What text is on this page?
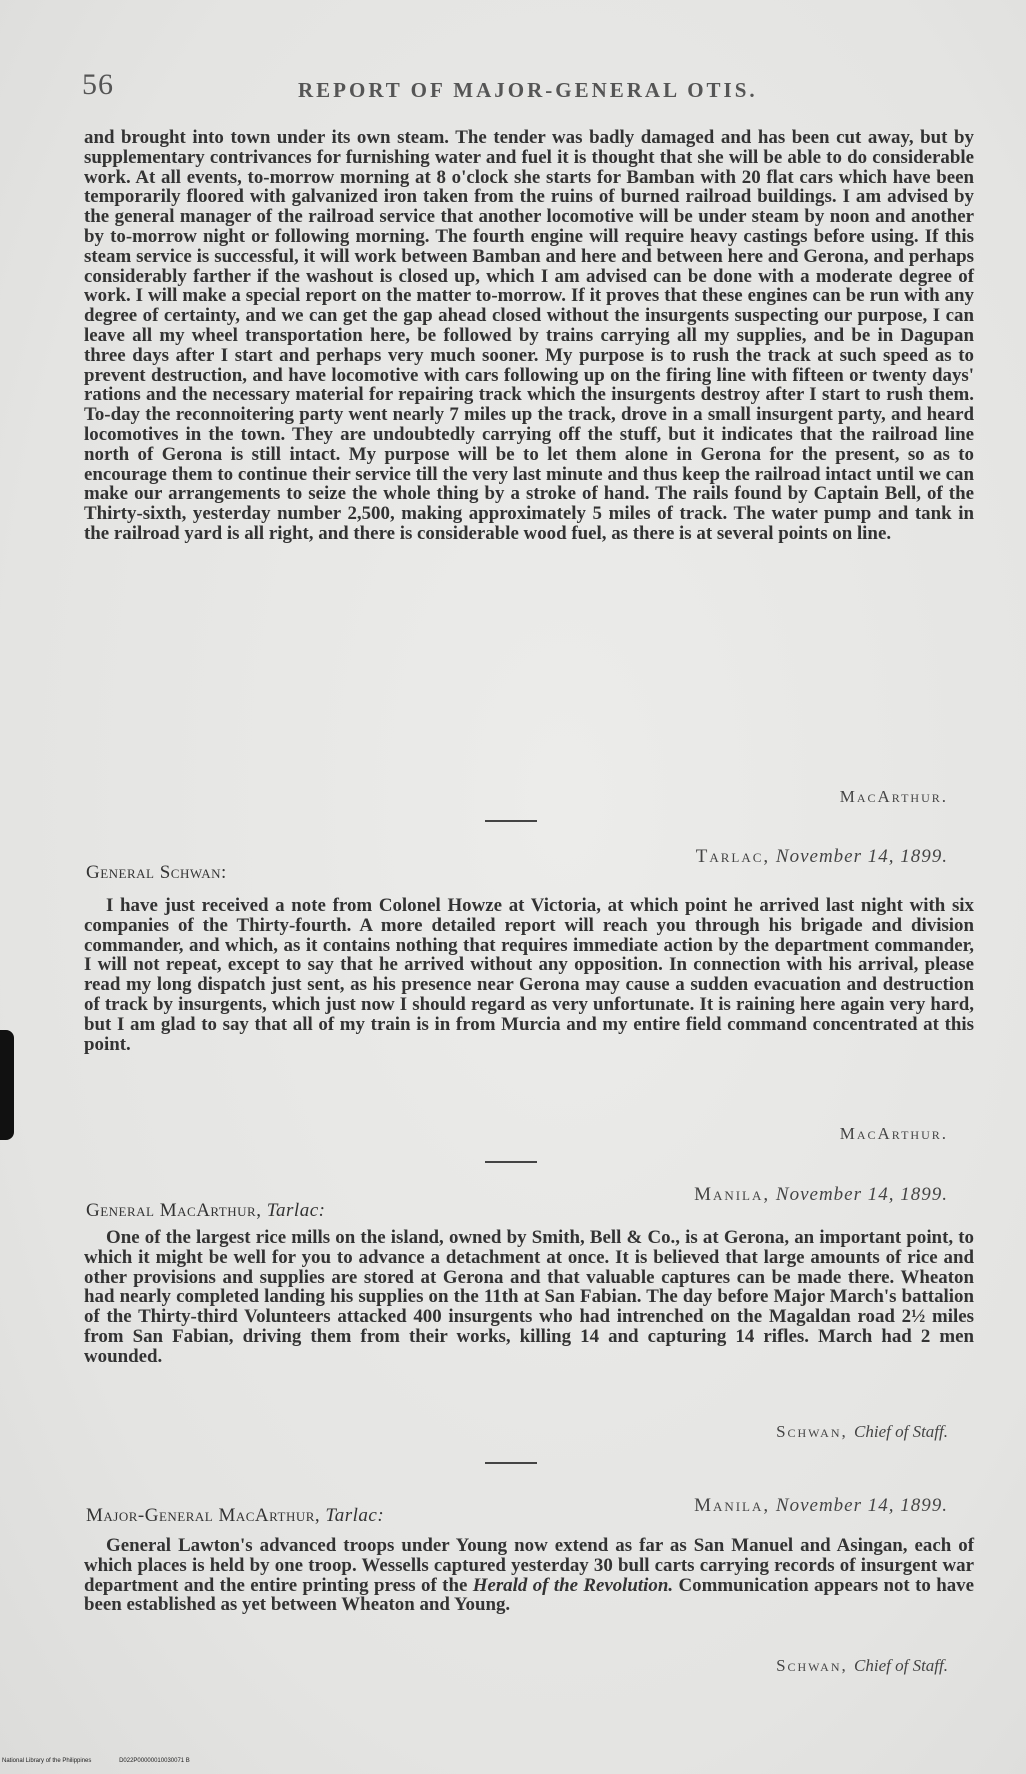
56	REPORT OF MAJOR-GENERAL OTIS.

and brought into town under its own steam. The tender was badly damaged and has been cut away, but by supplementary contrivances for furnishing water and fuel it is thought that she will be able to do considerable work. At all events, to-morrow morning at 8 o'clock she starts for Bamban with 20 flat cars which have been temporarily floored with galvanized iron taken from the ruins of burned railroad buildings. I am advised by the general manager of the railroad service that another locomotive will be under steam by noon and another by to-morrow night or following morning. The fourth engine will require heavy castings before using. If this steam service is successful, it will work between Bamban and here and between here and Gerona, and perhaps considerably farther if the washout is closed up, which I am advised can be done with a moderate degree of work. I will make a special report on the matter to-morrow. If it proves that these engines can be run with any degree of certainty, and we can get the gap ahead closed without the insurgents suspecting our purpose, I can leave all my wheel transportation here, be followed by trains carrying all my supplies, and be in Dagupan three days after I start and perhaps very much sooner. My purpose is to rush the track at such speed as to prevent destruction, and have locomotive with cars following up on the firing line with fifteen or twenty days' rations and the necessary material for repairing track which the insurgents destroy after I start to rush them. To-day the reconnoitering party went nearly 7 miles up the track, drove in a small insurgent party, and heard locomotives in the town. They are undoubtedly carrying off the stuff, but it indicates that the railroad line north of Gerona is still intact. My purpose will be to let them alone in Gerona for the present, so as to encourage them to continue their service till the very last minute and thus keep the railroad intact until we can make our arrangements to seize the whole thing by a stroke of hand. The rails found by Captain Bell, of the Thirty-sixth, yesterday number 2,500, making approximately 5 miles of track. The water pump and tank in the railroad yard is all right, and there is considerable wood fuel, as there is at several points on line.

MacArthur.
Tarlac, November 14, 1899.
General Schwan:

I have just received a note from Colonel Howze at Victoria, at which point he arrived last night with six companies of the Thirty-fourth. A more detailed report will reach you through his brigade and division commander, and which, as it contains nothing that requires immediate action by the department commander, I will not repeat, except to say that he arrived without any opposition. In connection with his arrival, please read my long dispatch just sent, as his presence near Gerona may cause a sudden evacuation and destruction of track by insurgents, which just now I should regard as very unfortunate. It is raining here again very hard, but I am glad to say that all of my train is in from Murcia and my entire field command concentrated at this point.

MacArthur.
Manila, November 14, 1899.
General MacArthur, Tarlac:

One of the largest rice mills on the island, owned by Smith, Bell & Co., is at Gerona, an important point, to which it might be well for you to advance a detachment at once. It is believed that large amounts of rice and other provisions and supplies are stored at Gerona and that valuable captures can be made there. Wheaton had nearly completed landing his supplies on the 11th at San Fabian. The day before Major March's battalion of the Thirty-third Volunteers attacked 400 insurgents who had intrenched on the Magaldan road 2½ miles from San Fabian, driving them from their works, killing 14 and capturing 14 rifles. March had 2 men wounded.

Schwan, Chief of Staff.
Manila, November 14, 1899.
Major-General MacArthur, Tarlac:

General Lawton's advanced troops under Young now extend as far as San Manuel and Asingan, each of which places is held by one troop. Wessells captured yesterday 30 bull carts carrying records of insurgent war department and the entire printing press of the Herald of the Revolution. Communication appears not to have been established as yet between Wheaton and Young.

Schwan, Chief of Staff.
National Library of the Philippines	D022P00000010030071 B
